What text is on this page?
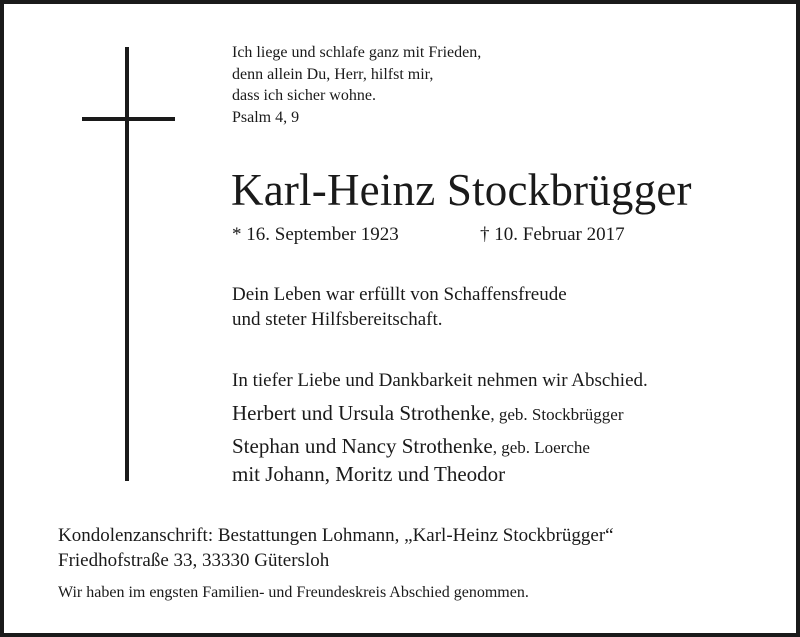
Ich liege und schlafe ganz mit Frieden,
denn allein Du, Herr, hilfst mir,
dass ich sicher wohne.
Psalm 4, 9
Karl-Heinz Stockbrügger
* 16. September 1923	† 10. Februar 2017
Dein Leben war erfüllt von Schaffensfreude
und steter Hilfsbereitschaft.
In tiefer Liebe und Dankbarkeit nehmen wir Abschied.
Herbert und Ursula Strothenke, geb. Stockbrügger
Stephan und Nancy Strothenke, geb. Loerche
mit Johann, Moritz und Theodor
Kondolenzanschrift: Bestattungen Lohmann, „Karl-Heinz Stockbrügger“
Friedhofstraße 33, 33330 Gütersloh
Wir haben im engsten Familien- und Freundeskreis Abschied genommen.
